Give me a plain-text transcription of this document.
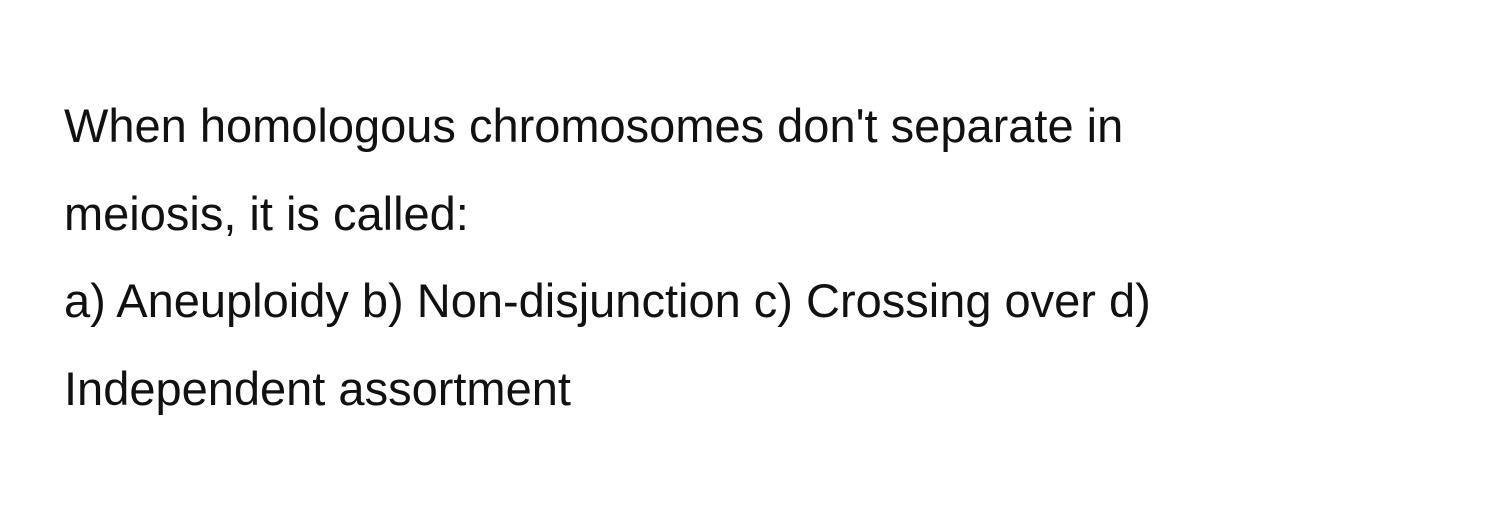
When homologous chromosomes don't separate in
meiosis, it is called:

a) Aneuploidy b) Non-disjunction c) Crossing over d)
Independent assortment
